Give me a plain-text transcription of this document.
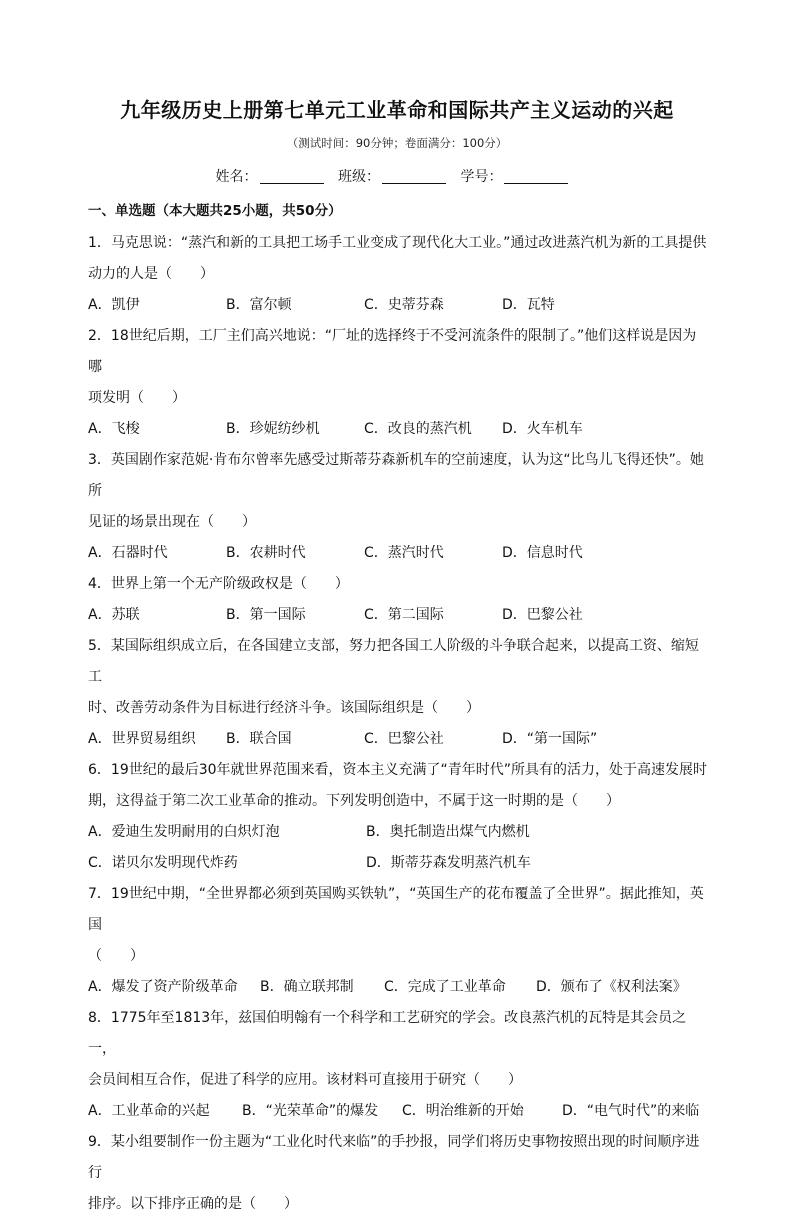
九年级历史上册第七单元工业革命和国际共产主义运动的兴起
（测试时间：90分钟；卷面满分：100分）
姓名：	班级：	学号：
一、单选题（本大题共25小题，共50分）

1．马克思说：“蒸汽和新的工具把工场手工业变成了现代化大工业。”通过改进蒸汽机为新的工具提供

动力的人是（　　）

A．凯伊	B．富尔顿	C．史蒂芬森	D．瓦特

2．18世纪后期，工厂主们高兴地说：“厂址的选择终于不受河流条件的限制了。”他们这样说是因为哪

项发明（　　）

A．飞梭	B．珍妮纺纱机	C．改良的蒸汽机	D．火车机车

3．英国剧作家范妮·肯布尔曾率先感受过斯蒂芬森新机车的空前速度，认为这“比鸟儿飞得还快”。她所

见证的场景出现在（　　）

A．石器时代	B．农耕时代	C．蒸汽时代	D．信息时代

4．世界上第一个无产阶级政权是（　　）

A．苏联	B．第一国际	C．第二国际	D．巴黎公社

5．某国际组织成立后，在各国建立支部，努力把各国工人阶级的斗争联合起来，以提高工资、缩短工

时、改善劳动条件为目标进行经济斗争。该国际组织是（　　）

A．世界贸易组织	B．联合国	C．巴黎公社	D．“第一国际”

6．19世纪的最后30年就世界范围来看，资本主义充满了“青年时代”所具有的活力，处于高速发展时

期，这得益于第二次工业革命的推动。下列发明创造中，不属于这一时期的是（　　）

A．爱迪生发明耐用的白炽灯泡	B．奥托制造出煤气内燃机
C．诺贝尔发明现代炸药	D．斯蒂芬森发明蒸汽机车

7．19世纪中期，“全世界都必须到英国购买铁轨”，“英国生产的花布覆盖了全世界”。据此推知，英国

（　　）

A．爆发了资产阶级革命	B．确立联邦制	C．完成了工业革命	D．颁布了《权利法案》

8．1775年至1813年，兹国伯明翰有一个科学和工艺研究的学会。改良蒸汽机的瓦特是其会员之一，

会员间相互合作，促进了科学的应用。该材料可直接用于研究（　　）

A．工业革命的兴起	B．“光荣革命”的爆发	C．明治维新的开始	D．“电气时代”的来临

9．某小组要制作一份主题为“工业化时代来临”的手抄报，同学们将历史事物按照出现的时间顺序进行

排序。以下排序正确的是（　　）
